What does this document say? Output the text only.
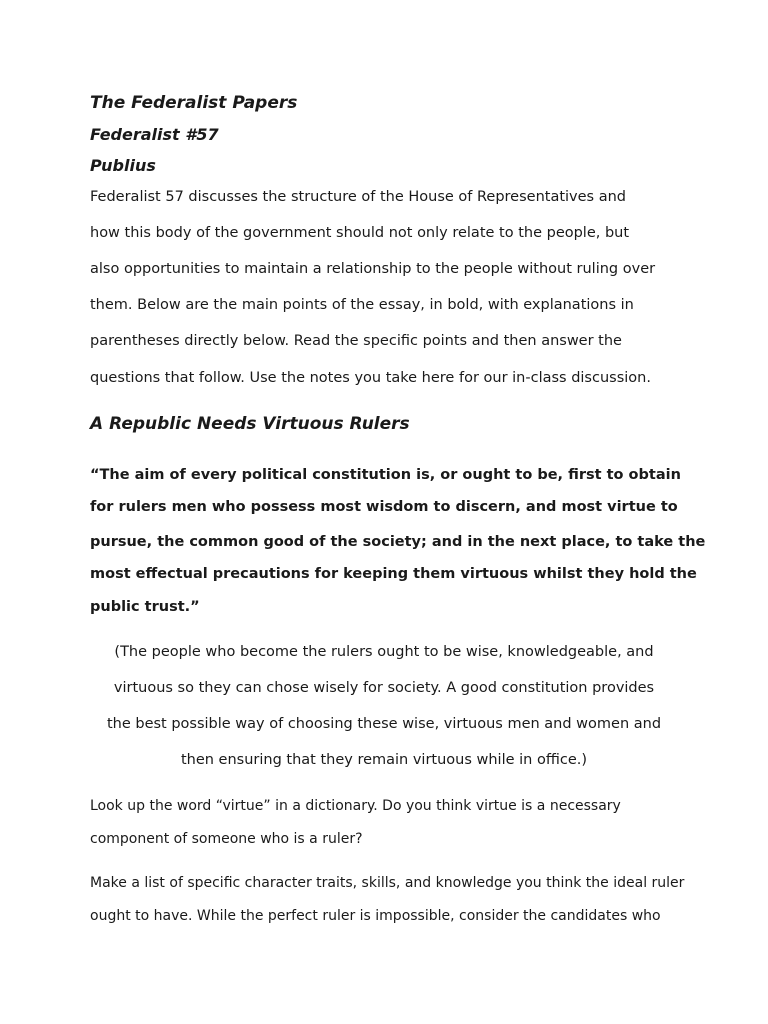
The Federalist Papers
Federalist #57
Publius
Federalist 57 discusses the structure of the House of Representatives and
how this body of the government should not only relate to the people, but
also opportunities to maintain a relationship to the people without ruling over
them. Below are the main points of the essay, in bold, with explanations in
parentheses directly below. Read the specific points and then answer the
questions that follow. Use the notes you take here for our in-class discussion.
A Republic Needs Virtuous Rulers
“The aim of every political constitution is, or ought to be, first to obtain
for rulers men who possess most wisdom to discern, and most virtue to
pursue, the common good of the society; and in the next place, to take the
most effectual precautions for keeping them virtuous whilst they hold the
public trust.”
(The people who become the rulers ought to be wise, knowledgeable, and
virtuous so they can chose wisely for society. A good constitution provides
the best possible way of choosing these wise, virtuous men and women and
then ensuring that they remain virtuous while in office.)
Look up the word “virtue” in a dictionary. Do you think virtue is a necessary
component of someone who is a ruler?
Make a list of specific character traits, skills, and knowledge you think the ideal ruler
ought to have. While the perfect ruler is impossible, consider the candidates who
